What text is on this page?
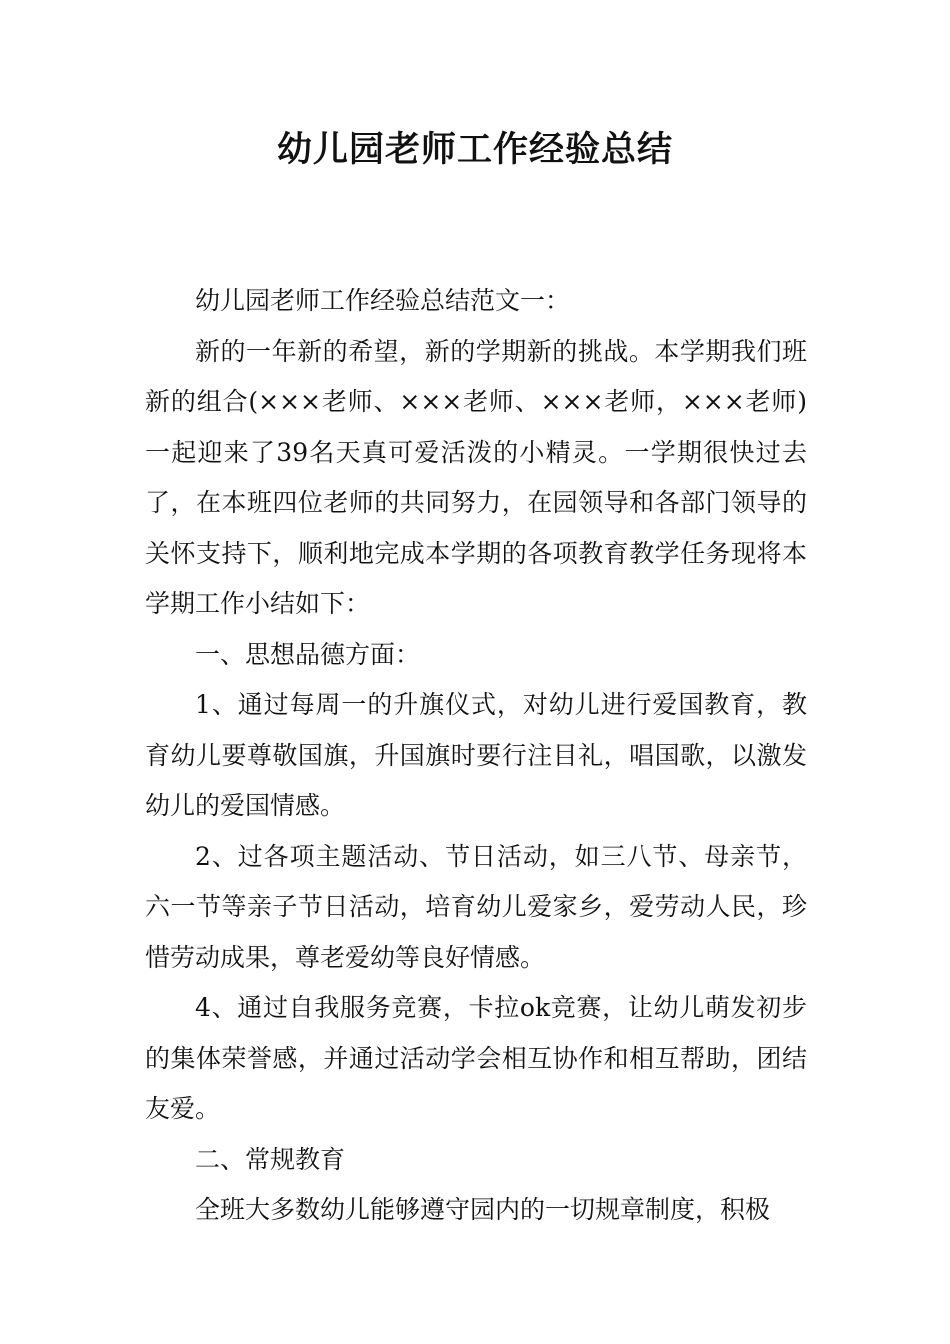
幼儿园老师工作经验总结

幼儿园老师工作经验总结范文一：

新的一年新的希望，新的学期新的挑战。本学期我们班新的组合(×××老师、×××老师、×××老师，×××老师)一起迎来了39名天真可爱活泼的小精灵。一学期很快过去了，在本班四位老师的共同努力，在园领导和各部门领导的关怀支持下，顺利地完成本学期的各项教育教学任务现将本学期工作小结如下：

一、思想品德方面：

1、通过每周一的升旗仪式，对幼儿进行爱国教育，教育幼儿要尊敬国旗，升国旗时要行注目礼，唱国歌，以激发幼儿的爱国情感。

2、过各项主题活动、节日活动，如三八节、母亲节，六一节等亲子节日活动，培育幼儿爱家乡，爱劳动人民，珍惜劳动成果，尊老爱幼等良好情感。

4、通过自我服务竞赛，卡拉ok竞赛，让幼儿萌发初步的集体荣誉感，并通过活动学会相互协作和相互帮助，团结友爱。

二、常规教育

全班大多数幼儿能够遵守园内的一切规章制度，积极
